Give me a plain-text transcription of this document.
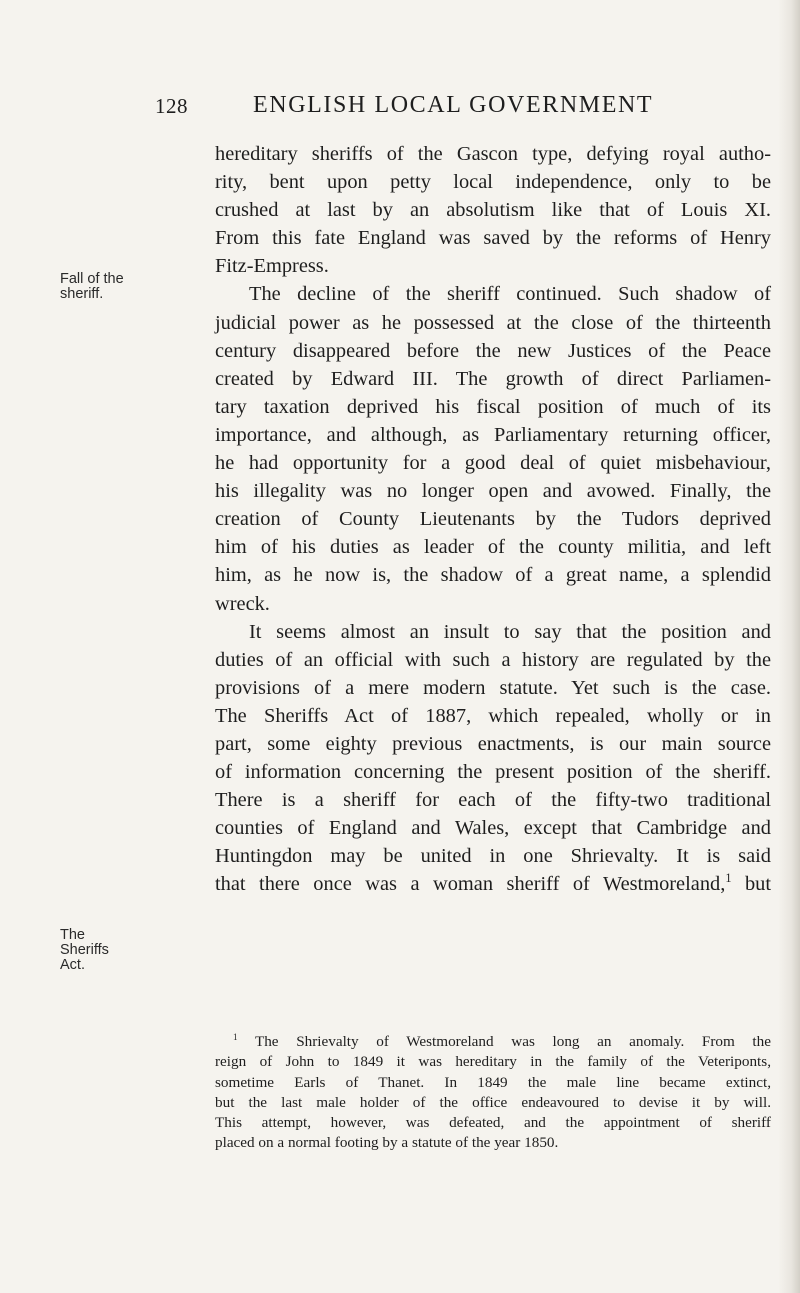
128	ENGLISH LOCAL GOVERNMENT
Fall of the
sheriff.
The
Sheriffs
Act.
hereditary sheriffs of the Gascon type, defying royal autho-
rity, bent upon petty local independence, only to be
crushed at last by an absolutism like that of Louis XI.
From this fate England was saved by the reforms of Henry
Fitz-Empress.
The decline of the sheriff continued. Such shadow of
judicial power as he possessed at the close of the thirteenth
century disappeared before the new Justices of the Peace
created by Edward III. The growth of direct Parliamen-
tary taxation deprived his fiscal position of much of its
importance, and although, as Parliamentary returning officer,
he had opportunity for a good deal of quiet misbehaviour,
his illegality was no longer open and avowed. Finally, the
creation of County Lieutenants by the Tudors deprived
him of his duties as leader of the county militia, and left
him, as he now is, the shadow of a great name, a splendid
wreck.
It seems almost an insult to say that the position and
duties of an official with such a history are regulated by the
provisions of a mere modern statute. Yet such is the case.
The Sheriffs Act of 1887, which repealed, wholly or in
part, some eighty previous enactments, is our main source
of information concerning the present position of the sheriff.
There is a sheriff for each of the fifty-two traditional
counties of England and Wales, except that Cambridge and
Huntingdon may be united in one Shrievalty. It is said
that there once was a woman sheriff of Westmoreland,$^1$ but
$^1$ The Shrievalty of Westmoreland was long an anomaly. From the
reign of John to 1849 it was hereditary in the family of the Veteriponts,
sometime Earls of Thanet. In 1849 the male line became extinct,
but the last male holder of the office endeavoured to devise it by will.
This attempt, however, was defeated, and the appointment of sheriff
placed on a normal footing by a statute of the year 1850.
